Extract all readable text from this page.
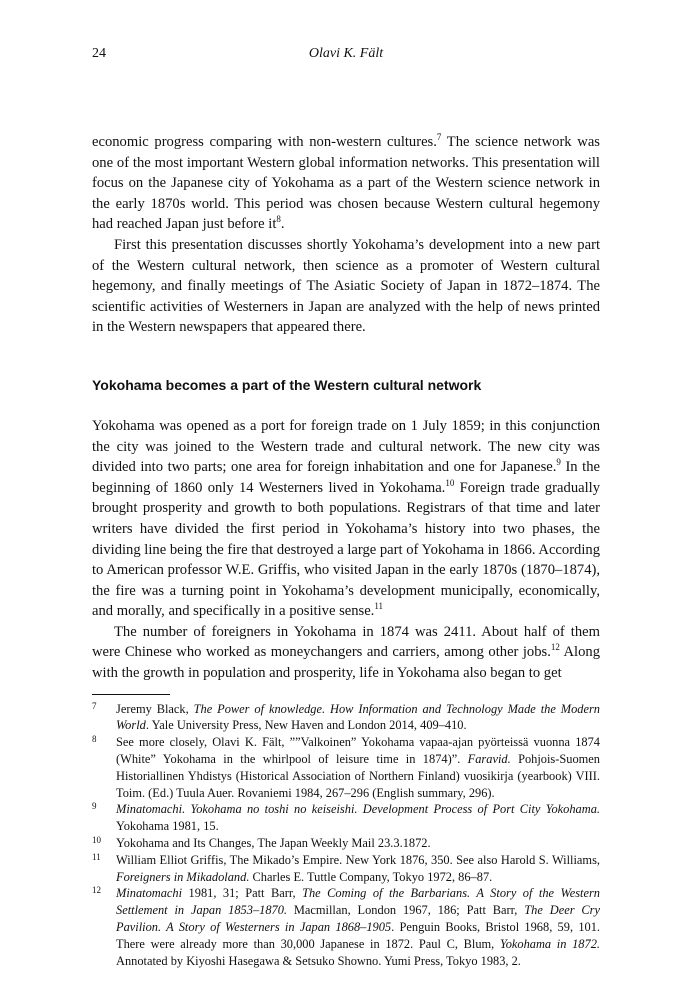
24	Olavi K. Fält

economic progress comparing with non-western cultures.$^7$ The science network was one of the most important Western global information networks. This presentation will focus on the Japanese city of Yokohama as a part of the Western science network in the early 1870s world. This period was chosen because Western cultural hegemony had reached Japan just before $it^8$.

First this presentation discusses shortly Yokohama’s development into a new part of the Western cultural network, then science as a promoter of Western cultural hegemony, and finally meetings of The Asiatic Society of Japan in 1872–1874. The scientific activities of Westerners in Japan are analyzed with the help of news printed in the Western newspapers that appeared there.

Yokohama becomes a part of the Western cultural network

Yokohama was opened as a port for foreign trade on 1 July 1859; in this conjunction the city was joined to the Western trade and cultural network. The new city was divided into two parts; one area for foreign inhabitation and one for Japanese.$^9$ In the beginning of 1860 only 14 Westerners lived in Yokohama.$^{10}$ Foreign trade gradually brought prosperity and growth to both populations. Registrars of that time and later writers have divided the first period in Yokohama’s history into two phases, the dividing line being the fire that destroyed a large part of Yokohama in 1866. According to American professor W.E. Griffis, who visited Japan in the early 1870s (1870–1874), the fire was a turning point in Yokohama’s development municipally, economically, and morally, and specifically in a positive sense.$^{11}$

The number of foreigners in Yokohama in 1874 was 2411. About half of them were Chinese who worked as moneychangers and carriers, among other jobs.$^{12}$ Along with the growth in population and prosperity, life in Yokohama also began to get

7 Jeremy Black, The Power of knowledge. How Information and Technology Made the Modern World. Yale University Press, New Haven and London 2014, 409–410.
8 See more closely, Olavi K. Fält, ””Valkoinen” Yokohama vapaa-ajan pyörteissä vuonna 1874 (White” Yokohama in the whirlpool of leisure time in 1874)”. Faravid. Pohjois-Suomen Historiallinen Yhdistys (Historical Association of Northern Finland) vuosikirja (yearbook) VIII. Toim. (Ed.) Tuula Auer. Rovaniemi 1984, 267–296 (English summary, 296).
9 Minatomachi. Yokohama no toshi no keiseishi. Development Process of Port City Yokohama. Yokohama 1981, 15.
10 Yokohama and Its Changes, The Japan Weekly Mail 23.3.1872.
11 William Elliot Griffis, The Mikado’s Empire. New York 1876, 350. See also Harold S. Williams, Foreigners in Mikadoland. Charles E. Tuttle Company, Tokyo 1972, 86–87.
12 Minatomachi 1981, 31; Patt Barr, The Coming of the Barbarians. A Story of the Western Settlement in Japan 1853–1870. Macmillan, London 1967, 186; Patt Barr, The Deer Cry Pavilion. A Story of Westerners in Japan 1868–1905. Penguin Books, Bristol 1968, 59, 101. There were already more than 30,000 Japanese in 1872. Paul C, Blum, Yokohama in 1872. Annotated by Kiyoshi Hasegawa & Setsuko Showno. Yumi Press, Tokyo 1983, 2.
